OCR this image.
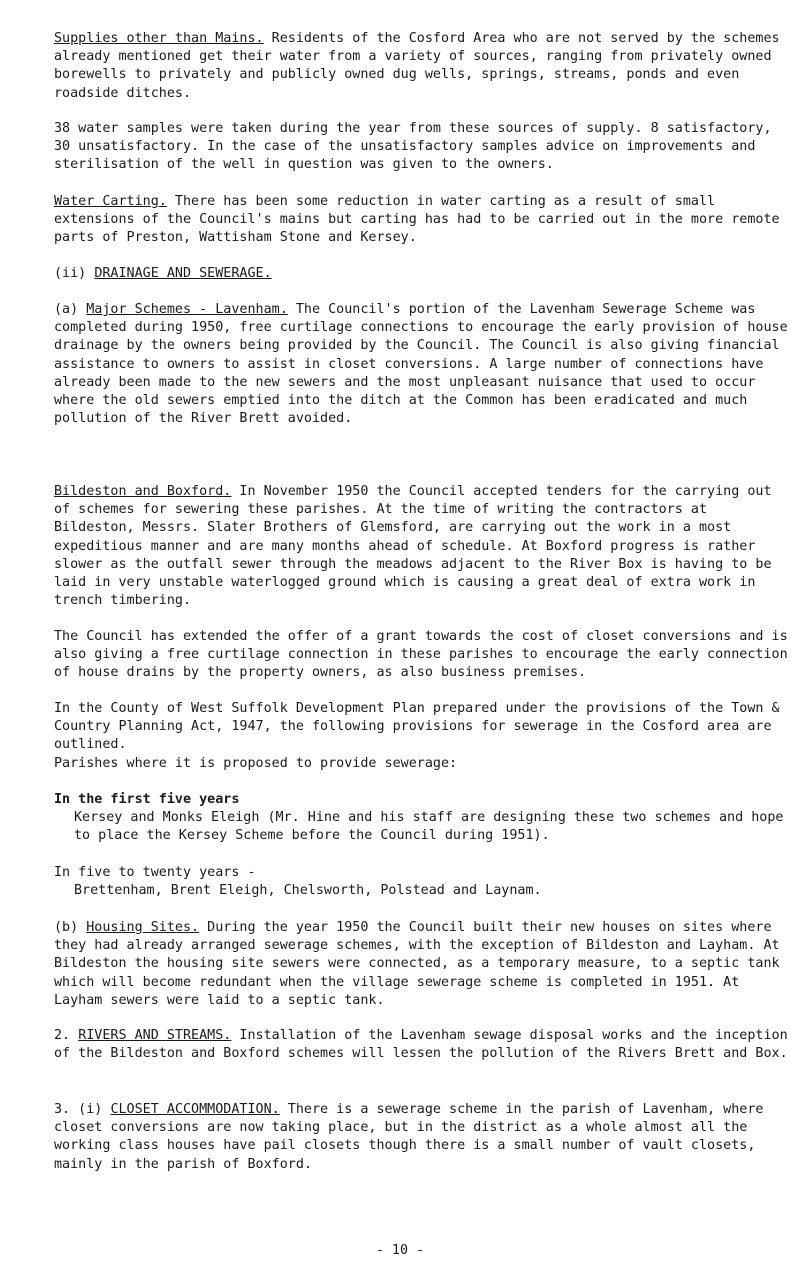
Supplies other than Mains. Residents of the Cosford Area who are not served by the schemes already mentioned get their water from a variety of sources, ranging from privately owned borewells to privately and publicly owned dug wells, springs, streams, ponds and even roadside ditches.

38 water samples were taken during the year from these sources of supply. 8 satisfactory, 30 unsatisfactory. In the case of the unsatisfactory samples advice on improvements and sterilisation of the well in question was given to the owners.

Water Carting. There has been some reduction in water carting as a result of small extensions of the Council's mains but carting has had to be carried out in the more remote parts of Preston, Wattisham Stone and Kersey.

(ii) DRAINAGE AND SEWERAGE.

(a) Major Schemes - Lavenham. The Council's portion of the Lavenham Sewerage Scheme was completed during 1950, free curtilage connections to encourage the early provision of house drainage by the owners being provided by the Council. The Council is also giving financial assistance to owners to assist in closet conversions. A large number of connections have already been made to the new sewers and the most unpleasant nuisance that used to occur where the old sewers emptied into the ditch at the Common has been eradicated and much pollution of the River Brett avoided.

Bildeston and Boxford. In November 1950 the Council accepted tenders for the carrying out of schemes for sewering these parishes. At the time of writing the contractors at Bildeston, Messrs. Slater Brothers of Glemsford, are carrying out the work in a most expeditious manner and are many months ahead of schedule. At Boxford progress is rather slower as the outfall sewer through the meadows adjacent to the River Box is having to be laid in very unstable waterlogged ground which is causing a great deal of extra work in trench timbering.

The Council has extended the offer of a grant towards the cost of closet conversions and is also giving a free curtilage connection in these parishes to encourage the early connection of house drains by the property owners, as also business premises.

In the County of West Suffolk Development Plan prepared under the provisions of the Town & Country Planning Act, 1947, the following provisions for sewerage in the Cosford area are outlined.

Parishes where it is proposed to provide sewerage:

In the first five years

Kersey and Monks Eleigh (Mr. Hine and his staff are designing these two schemes and hope to place the Kersey Scheme before the Council during 1951).

In five to twenty years -

Brettenham, Brent Eleigh, Chelsworth, Polstead and Laynam.

(b) Housing Sites. During the year 1950 the Council built their new houses on sites where they had already arranged sewerage schemes, with the exception of Bildeston and Layham. At Bildeston the housing site sewers were connected, as a temporary measure, to a septic tank which will become redundant when the village sewerage scheme is completed in 1951. At Layham sewers were laid to a septic tank.

2. RIVERS AND STREAMS. Installation of the Lavenham sewage disposal works and the inception of the Bildeston and Boxford schemes will lessen the pollution of the Rivers Brett and Box.

3. (i) CLOSET ACCOMMODATION. There is a sewerage scheme in the parish of Lavenham, where closet conversions are now taking place, but in the district as a whole almost all the working class houses have pail closets though there is a small number of vault closets, mainly in the parish of Boxford.

- 10 -
